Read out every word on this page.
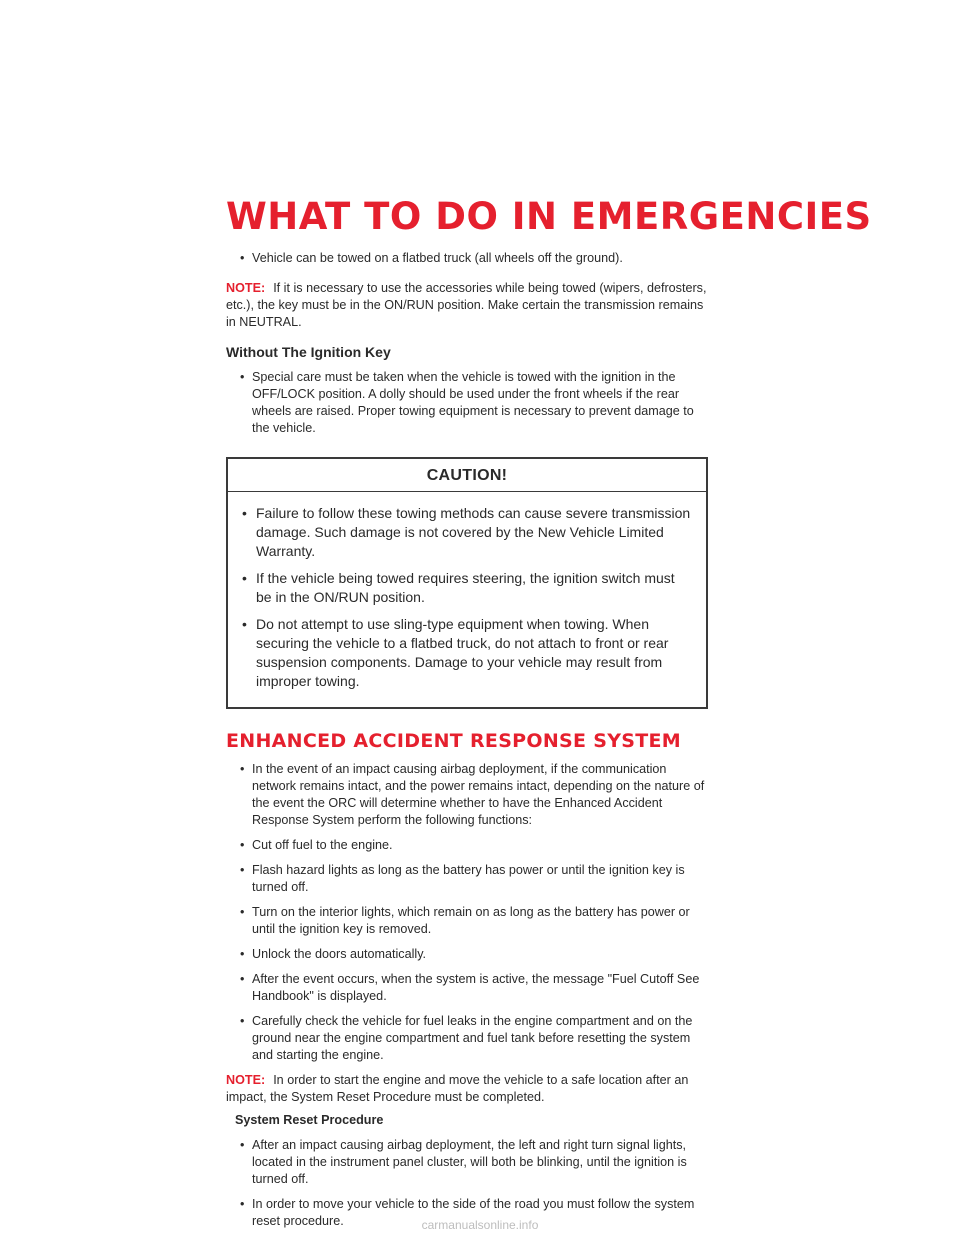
WHAT TO DO IN EMERGENCIES
• Vehicle can be towed on a flatbed truck (all wheels off the ground).
NOTE: If it is necessary to use the accessories while being towed (wipers, defrosters, etc.), the key must be in the ON/RUN position. Make certain the transmission remains in NEUTRAL.
Without The Ignition Key
• Special care must be taken when the vehicle is towed with the ignition in the OFF/LOCK position. A dolly should be used under the front wheels if the rear wheels are raised. Proper towing equipment is necessary to prevent damage to the vehicle.
CAUTION!
• Failure to follow these towing methods can cause severe transmission damage. Such damage is not covered by the New Vehicle Limited Warranty.
• If the vehicle being towed requires steering, the ignition switch must be in the ON/RUN position.
• Do not attempt to use sling-type equipment when towing. When securing the vehicle to a flatbed truck, do not attach to front or rear suspension components. Damage to your vehicle may result from improper towing.
ENHANCED ACCIDENT RESPONSE SYSTEM
• In the event of an impact causing airbag deployment, if the communication network remains intact, and the power remains intact, depending on the nature of the event the ORC will determine whether to have the Enhanced Accident Response System perform the following functions:
• Cut off fuel to the engine.
• Flash hazard lights as long as the battery has power or until the ignition key is turned off.
• Turn on the interior lights, which remain on as long as the battery has power or until the ignition key is removed.
• Unlock the doors automatically.
• After the event occurs, when the system is active, the message "Fuel Cutoff See Handbook" is displayed.
• Carefully check the vehicle for fuel leaks in the engine compartment and on the ground near the engine compartment and fuel tank before resetting the system and starting the engine.
NOTE: In order to start the engine and move the vehicle to a safe location after an impact, the System Reset Procedure must be completed.
System Reset Procedure
• After an impact causing airbag deployment, the left and right turn signal lights, located in the instrument panel cluster, will both be blinking, until the ignition is turned off.
• In order to move your vehicle to the side of the road you must follow the system reset procedure.	carmanualsonline.info
